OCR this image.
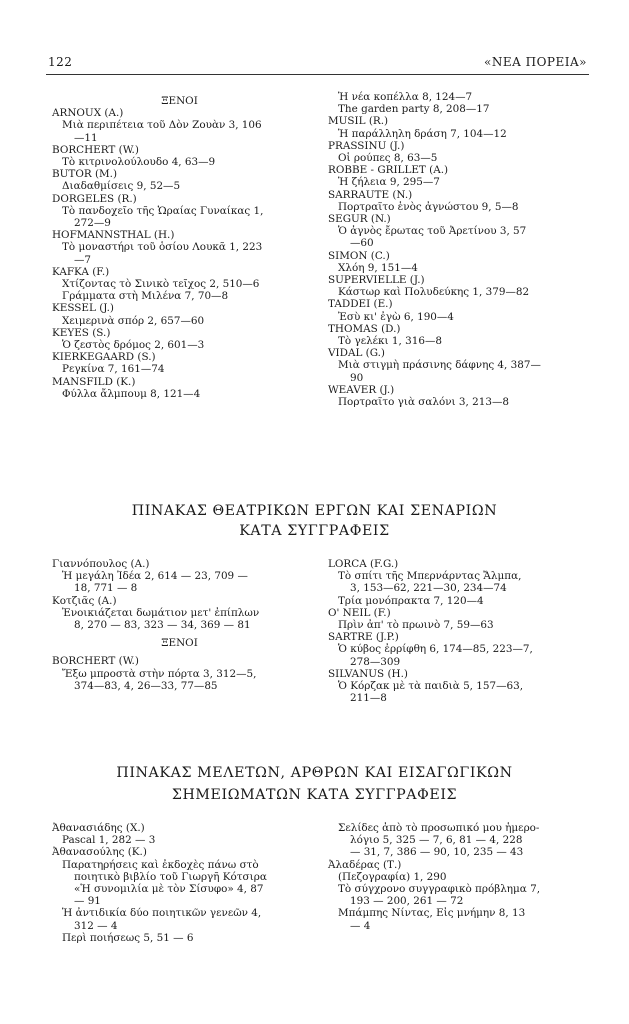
122	«ΝΕΑ ΠΟΡΕΙΑ»
ΞΕΝΟΙ
ARNOUX (A.)
Μιὰ περιπέτεια τοῦ Δὸν Ζουὰν 3, 106
—11
BORCHERT (W.)
Τὸ κιτρινολούλουδο 4, 63—9
BUTOR (M.)
Διαδαθμίσεις 9, 52—5
DORGELES (R.)
Τὸ πανδοχεῖο τῆς Ὡραίας Γυναίκας 1,
272—9
HOFMANNSTHAL (H.)
Τὸ μοναστήρι τοῦ ὁσίου Λουκᾶ 1, 223
—7
KAFKA (F.)
Χτίζοντας τὸ Σινικὸ τεῖχος 2, 510—6
Γράμματα στὴ Μιλένα 7, 70—8
KESSEL (J.)
Χειμερινὰ σπόρ 2, 657—60
KEYES (S.)
Ὁ ζεστὸς δρόμος 2, 601—3
KIERKEGAARD (S.)
Ρεγκίνα 7, 161—74
MANSFILD (K.)
Φύλλα ἄλμπουμ 8, 121—4
Ἡ νέα κοπέλλα 8, 124—7
The garden party 8, 208—17
MUSIL (R.)
Ἡ παράλληλη δράση 7, 104—12
PRASSINU (J.)
Οἱ ρούπες 8, 63—5
ROBBE - GRILLET (A.)
Ἡ ζήλεια 9, 295—7
SARRAUTE (N.)
Πορτραῖτο ἑνὸς ἀγνώστου 9, 5—8
SEGUR (N.)
Ὁ ἀγνὸς ἔρωτας τοῦ Ἀρετίνου 3, 57
—60
SIMON (C.)
Χλόη 9, 151—4
SUPERVIELLE (J.)
Κάστωρ καὶ Πολυδεύκης 1, 379—82
TADDEI (E.)
Ἐσὺ κι' ἐγὼ 6, 190—4
THOMAS (D.)
Τὸ γελέκι 1, 316—8
VIDAL (G.)
Μιὰ στιγμὴ πράσινης δάφνης 4, 387—
90
WEAVER (J.)
Πορτραῖτο γιὰ σαλόνι 3, 213—8
ΠΙΝΑΚΑΣ ΘΕΑΤΡΙΚΩΝ ΕΡΓΩΝ ΚΑΙ ΣΕΝΑΡΙΩΝ
ΚΑΤΑ ΣΥΓΓΡΑΦΕΙΣ
Γιαννόπουλος (Α.)
Ἡ μεγάλη Ἰδέα 2, 614 — 23, 709 —
18, 771 — 8
Κοτζιᾶς (Α.)
Ἐνοικιάζεται δωμάτιον μετ' ἐπίπλων
8, 270 — 83, 323 — 34, 369 — 81
ΞΕΝΟΙ
BORCHERT (W.)
Ἔξω μπροστὰ στὴν πόρτα 3, 312—5,
374—83, 4, 26—33, 77—85
LORCA (F.G.)
Τὸ σπίτι τῆς Μπερνάρντας Ἄλμπα,
3, 153—62, 221—30, 234—74
Τρία μονόπρακτα 7, 120—4
O' NEIL (F.)
Πρὶν ἀπ' τὸ πρωινὸ 7, 59—63
SARTRE (J.P.)
Ὁ κύβος ἐρρίφθη 6, 174—85, 223—7,
278—309
SILVANUS (H.)
Ὁ Κόρζακ μὲ τὰ παιδιὰ 5, 157—63,
211—8
ΠΙΝΑΚΑΣ ΜΕΛΕΤΩΝ, ΑΡΘΡΩΝ ΚΑΙ ΕΙΣΑΓΩΓΙΚΩΝ
ΣΗΜΕΙΩΜΑΤΩΝ ΚΑΤΑ ΣΥΓΓΡΑΦΕΙΣ
Ἀθανασιάδης (Χ.)
Pascal 1, 282 — 3
Ἀθανασούλης (Κ.)
Παρατηρήσεις καὶ ἐκδοχὲς πάνω στὸ
ποιητικὸ βιβλίο τοῦ Γιωργῆ Κότσιρα
«Ἡ συνομιλία μὲ τὸν Σίσυφο» 4, 87
— 91
Ἡ ἀντιδικία δύο ποιητικῶν γενεῶν 4,
312 — 4
Περὶ ποιήσεως 5, 51 — 6
Σελίδες ἀπὸ τὸ προσωπικό μου ἡμερο-
λόγιο 5, 325 — 7, 6, 81 — 4, 228
— 31, 7, 386 — 90, 10, 235 — 43
Ἀλαδέρας (Τ.)
(Πεζογραφία) 1, 290
Τὸ σύγχρονο συγγραφικὸ πρόβλημα 7,
193 — 200, 261 — 72
Μπάμπης Νίντας, Εἰς μνήμην 8, 13
— 4
